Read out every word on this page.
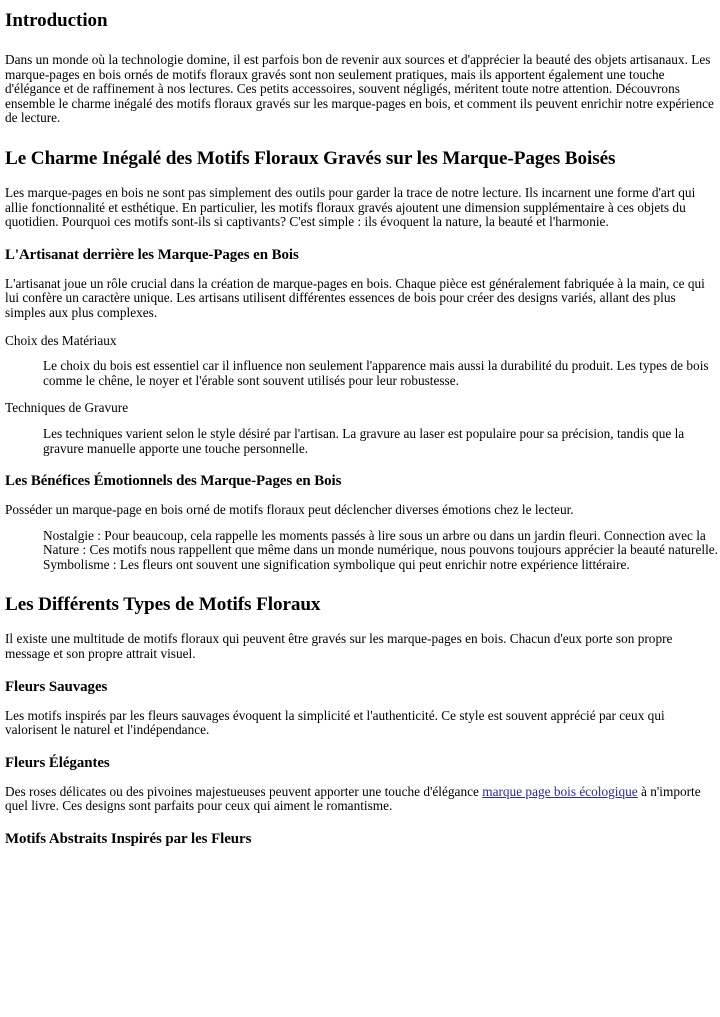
Introduction

Dans un monde où la technologie domine, il est parfois bon de revenir aux sources et d'apprécier la beauté des objets artisanaux. Les marque-pages en bois ornés de motifs floraux gravés sont non seulement pratiques, mais ils apportent également une touche d'élégance et de raffinement à nos lectures. Ces petits accessoires, souvent négligés, méritent toute notre attention. Découvrons ensemble le charme inégalé des motifs floraux gravés sur les marque-pages en bois, et comment ils peuvent enrichir notre expérience de lecture.

Le Charme Inégalé des Motifs Floraux Gravés sur les Marque-Pages Boisés

Les marque-pages en bois ne sont pas simplement des outils pour garder la trace de notre lecture. Ils incarnent une forme d'art qui allie fonctionnalité et esthétique. En particulier, les motifs floraux gravés ajoutent une dimension supplémentaire à ces objets du quotidien. Pourquoi ces motifs sont-ils si captivants? C'est simple : ils évoquent la nature, la beauté et l'harmonie.

L'Artisanat derrière les Marque-Pages en Bois

L'artisanat joue un rôle crucial dans la création de marque-pages en bois. Chaque pièce est généralement fabriquée à la main, ce qui lui confère un caractère unique. Les artisans utilisent différentes essences de bois pour créer des designs variés, allant des plus simples aux plus complexes.

Choix des Matériaux

Le choix du bois est essentiel car il influence non seulement l'apparence mais aussi la durabilité du produit. Les types de bois comme le chêne, le noyer et l'érable sont souvent utilisés pour leur robustesse.

Techniques de Gravure

Les techniques varient selon le style désiré par l'artisan. La gravure au laser est populaire pour sa précision, tandis que la gravure manuelle apporte une touche personnelle.

Les Bénéfices Émotionnels des Marque-Pages en Bois

Posséder un marque-page en bois orné de motifs floraux peut déclencher diverses émotions chez le lecteur.

Nostalgie : Pour beaucoup, cela rappelle les moments passés à lire sous un arbre ou dans un jardin fleuri. Connection avec la Nature : Ces motifs nous rappellent que même dans un monde numérique, nous pouvons toujours apprécier la beauté naturelle. Symbolisme : Les fleurs ont souvent une signification symbolique qui peut enrichir notre expérience littéraire.

Les Différents Types de Motifs Floraux

Il existe une multitude de motifs floraux qui peuvent être gravés sur les marque-pages en bois. Chacun d'eux porte son propre message et son propre attrait visuel.

Fleurs Sauvages

Les motifs inspirés par les fleurs sauvages évoquent la simplicité et l'authenticité. Ce style est souvent apprécié par ceux qui valorisent le naturel et l'indépendance.

Fleurs Élégantes

Des roses délicates ou des pivoines majestueuses peuvent apporter une touche d'élégance marque page bois écologique à n'importe quel livre. Ces designs sont parfaits pour ceux qui aiment le romantisme.

Motifs Abstraits Inspirés par les Fleurs
